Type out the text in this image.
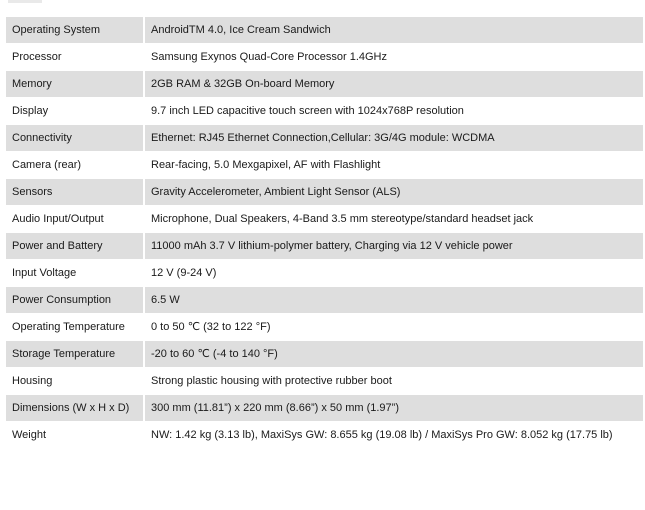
Operating System	AndroidTM 4.0, Ice Cream Sandwich
Processor	Samsung Exynos Quad-Core Processor 1.4GHz
Memory	2GB RAM & 32GB On-board Memory
Display	9.7 inch LED capacitive touch screen with 1024x768P resolution
Connectivity	Ethernet: RJ45 Ethernet Connection,Cellular: 3G/4G module: WCDMA
Camera (rear)	Rear-facing, 5.0 Mexgapixel, AF with Flashlight
Sensors	Gravity Accelerometer, Ambient Light Sensor (ALS)
Audio Input/Output	Microphone, Dual Speakers, 4-Band 3.5 mm stereotype/standard headset jack
Power and Battery	11000 mAh 3.7 V lithium-polymer battery, Charging via 12 V vehicle power
Input Voltage	12 V (9-24 V)
Power Consumption	6.5 W
Operating Temperature	0 to 50 ℃ (32 to 122 °F)
Storage Temperature	-20 to 60 ℃ (-4 to 140 °F)
Housing	Strong plastic housing with protective rubber boot
Dimensions (W x H x D)	300 mm (11.81”) x 220 mm (8.66”) x 50 mm (1.97”)
Weight	NW: 1.42 kg (3.13 lb), MaxiSys GW: 8.655 kg (19.08 lb) / MaxiSys Pro GW: 8.052 kg (17.75 lb)
